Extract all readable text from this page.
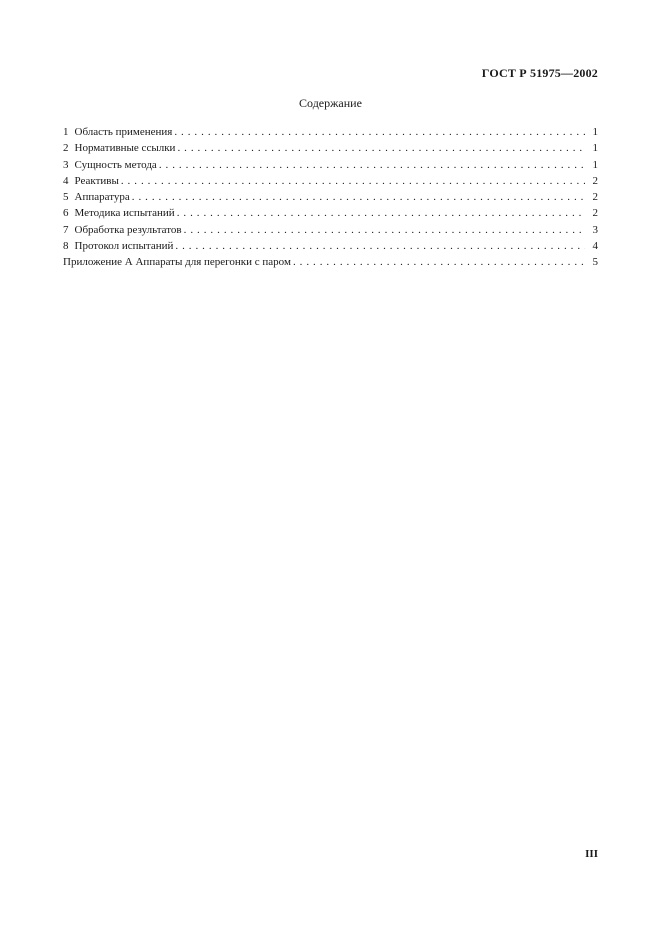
ГОСТ Р 51975—2002
Содержание
1 Область применения . . .	1
2 Нормативные ссылки . . .	1
3 Сущность метода . . .	1
4 Реактивы . . .	2
5 Аппаратура . . .	2
6 Методика испытаний . . .	2
7 Обработка результатов . . .	3
8 Протокол испытаний . . .	4
Приложение А Аппараты для перегонки с паром . . .	5
III
